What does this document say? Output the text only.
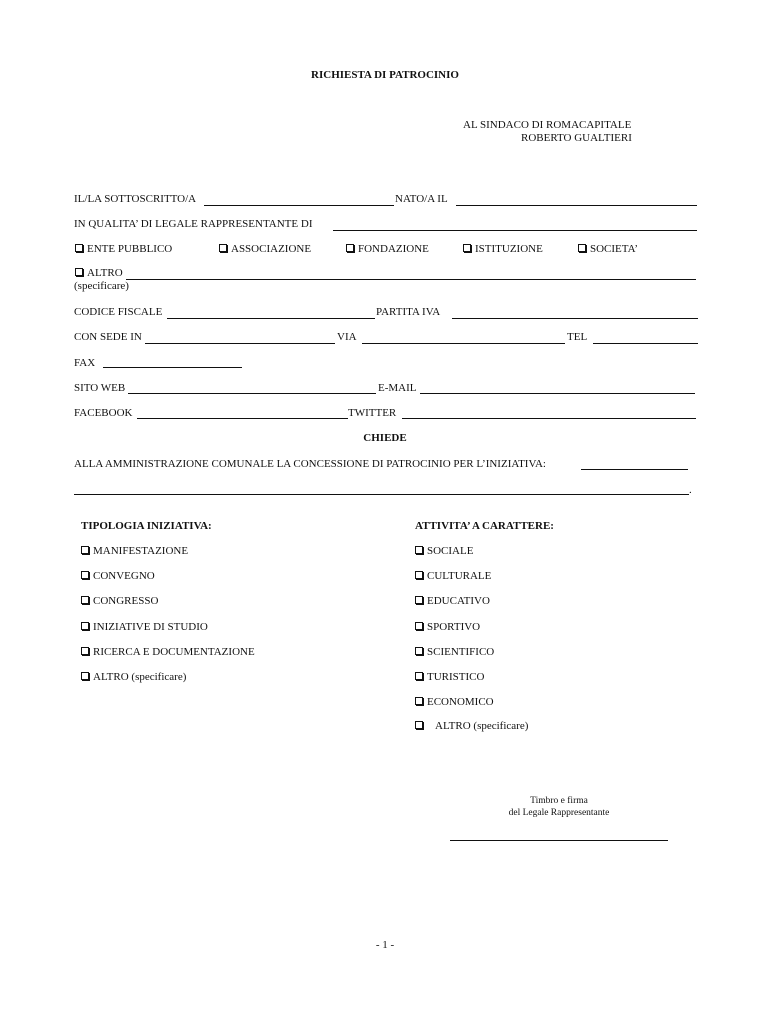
RICHIESTA DI PATROCINIO
AL SINDACO DI ROMACAPITALE
ROBERTO GUALTIERI
IL/LA SOTTOSCRITTO/A	NATO/A IL
IN QUALITA’ DI LEGALE RAPPRESENTANTE DI
ENTE PUBBLICO	ASSOCIAZIONE	FONDAZIONE	ISTITUZIONE	SOCIETA’
ALTRO
(specificare)
CODICE FISCALE	PARTITA IVA
CON SEDE IN	VIA	TEL
FAX
SITO WEB	E-MAIL
FACEBOOK	TWITTER
CHIEDE
ALLA AMMINISTRAZIONE COMUNALE LA CONCESSIONE DI PATROCINIO PER L’INIZIATIVA:
.
TIPOLOGIA INIZIATIVA:
MANIFESTAZIONE
CONVEGNO
CONGRESSO
INIZIATIVE DI STUDIO
RICERCA E DOCUMENTAZIONE
ALTRO (specificare)
ATTIVITA’ A CARATTERE:
SOCIALE
CULTURALE
EDUCATIVO
SPORTIVO
SCIENTIFICO
TURISTICO
ECONOMICO
ALTRO (specificare)
Timbro e firma
del Legale Rappresentante
- 1 -
